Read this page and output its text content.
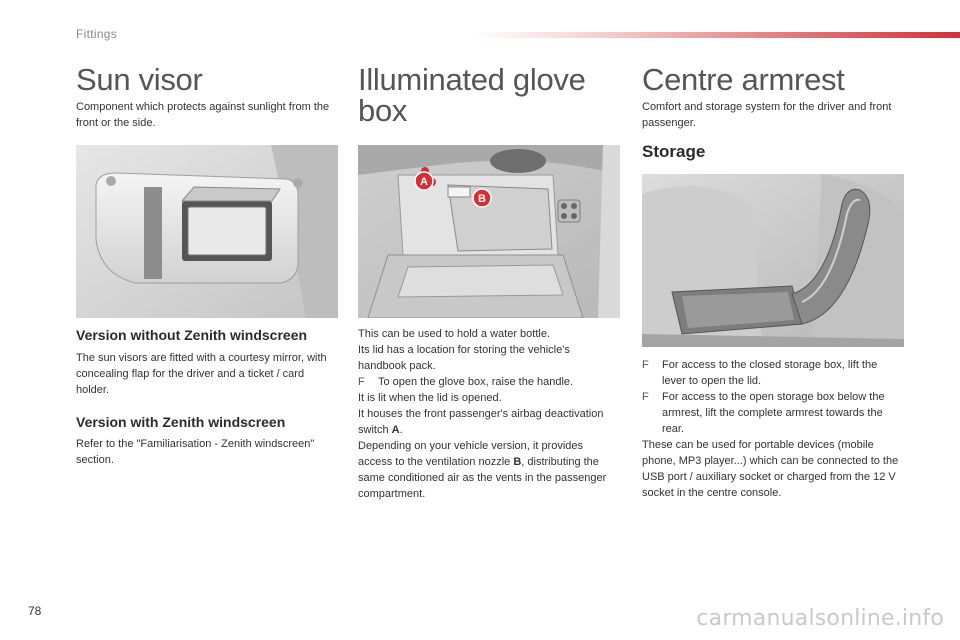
Fittings
Sun visor

Component which protects against sunlight from the front or the side.

Version without Zenith windscreen

The sun visors are fitted with a courtesy mirror, with concealing flap for the driver and a ticket / card holder.

Version with Zenith windscreen

Refer to the "Familiarisation - Zenith windscreen" section.

Illuminated glove
box
A
B
This can be used to hold a water bottle.
Its lid has a location for storing the vehicle's handbook pack.
F To open the glove box, raise the handle.
It is lit when the lid is opened.
It houses the front passenger's airbag deactivation switch A.
Depending on your vehicle version, it provides access to the ventilation nozzle B, distributing the same conditioned air as the vents in the passenger compartment.
Centre armrest

Comfort and storage system for the driver and front passenger.

Storage
F For access to the closed storage box, lift the lever to open the lid.
F For access to the open storage box below the armrest, lift the complete armrest towards the rear.
These can be used for portable devices (mobile phone, MP3 player...) which can be connected to the USB port / auxiliary socket or charged from the 12 V socket in the centre console.
78	carmanualsonline.info
